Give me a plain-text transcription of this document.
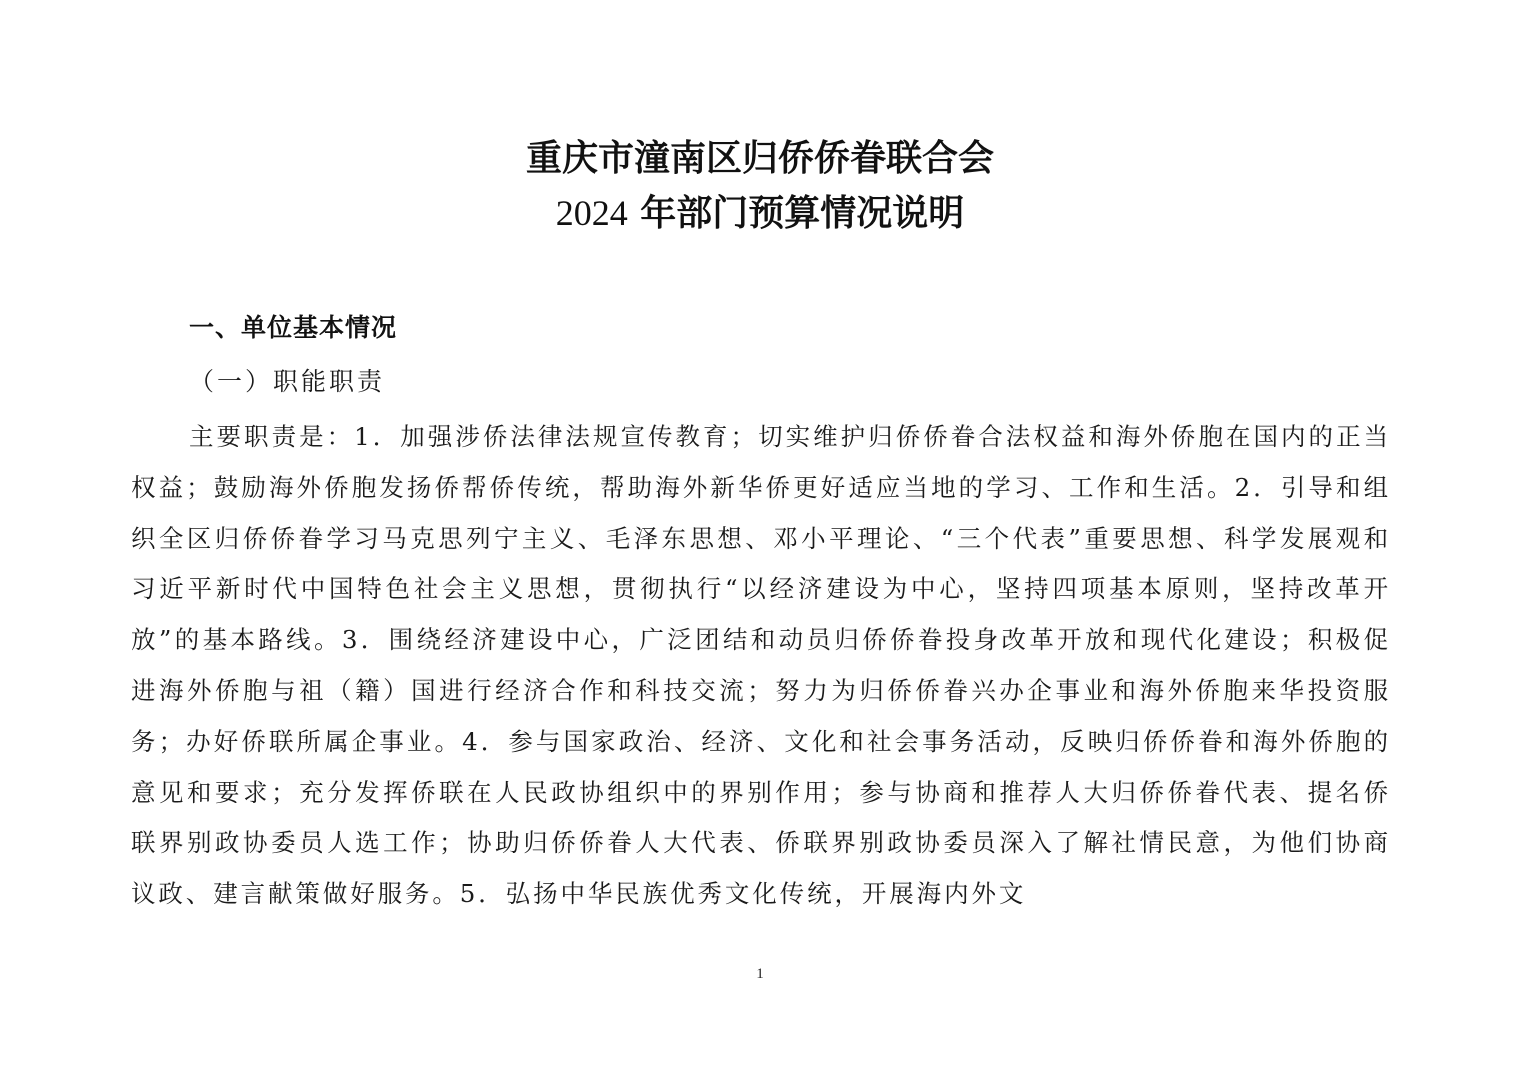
重庆市潼南区归侨侨眷联合会
2024 年部门预算情况说明
一、单位基本情况
（一）职能职责
主要职责是：1．加强涉侨法律法规宣传教育；切实维护归侨侨眷合法权益和海外侨胞在国内的正当权益；鼓励海外侨胞发扬侨帮侨传统，帮助海外新华侨更好适应当地的学习、工作和生活。2．引导和组织全区归侨侨眷学习马克思列宁主义、毛泽东思想、邓小平理论、“三个代表”重要思想、科学发展观和习近平新时代中国特色社会主义思想，贯彻执行“以经济建设为中心，坚持四项基本原则，坚持改革开放”的基本路线。3．围绕经济建设中心，广泛团结和动员归侨侨眷投身改革开放和现代化建设；积极促进海外侨胞与祖（籍）国进行经济合作和科技交流；努力为归侨侨眷兴办企事业和海外侨胞来华投资服务；办好侨联所属企事业。4．参与国家政治、经济、文化和社会事务活动，反映归侨侨眷和海外侨胞的意见和要求；充分发挥侨联在人民政协组织中的界别作用；参与协商和推荐人大归侨侨眷代表、提名侨联界别政协委员人选工作；协助归侨侨眷人大代表、侨联界别政协委员深入了解社情民意，为他们协商议政、建言献策做好服务。5．弘扬中华民族优秀文化传统，开展海内外文
1
